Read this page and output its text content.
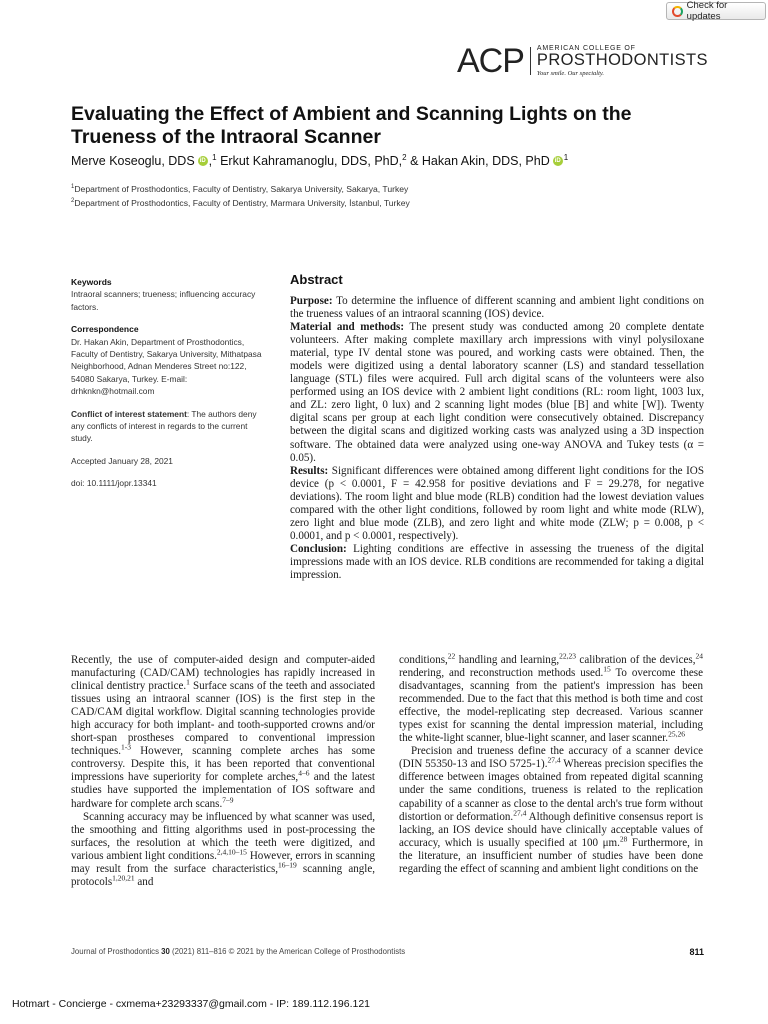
Check for updates
ACP AMERICAN COLLEGE OF
PROSTHODONTISTS
Your smile. Our specialty.
Evaluating the Effect of Ambient and Scanning Lights on the Trueness of the Intraoral Scanner
Merve Koseoglu, DDS iD ,$^1$ Erkut Kahramanoglu, DDS, PhD,$^2$ & Hakan Akin, DDS, PhD iD $^1$
$^1$Department of Prosthodontics, Faculty of Dentistry, Sakarya University, Sakarya, Turkey
$^2$Department of Prosthodontics, Faculty of Dentistry, Marmara University, İstanbul, Turkey
Keywords

Intraoral scanners; trueness; influencing accuracy factors.

Correspondence

Dr. Hakan Akin, Department of Prosthodontics, Faculty of Dentistry, Sakarya University, Mithatpasa Neighborhood, Adnan Menderes Street no:122, 54080 Sakarya, Turkey. E-mail: drhknkn@hotmail.com

Conflict of interest statement: The authors deny any conflicts of interest in regards to the current study.

Accepted January 28, 2021

doi: 10.1111/jopr.13341

Abstract

Purpose: To determine the influence of different scanning and ambient light conditions on the trueness values of an intraoral scanning (IOS) device.

Material and methods: The present study was conducted among 20 complete dentate volunteers. After making complete maxillary arch impressions with vinyl polysiloxane material, type IV dental stone was poured, and working casts were obtained. Then, the models were digitized using a dental laboratory scanner (LS) and standard tessellation language (STL) files were acquired. Full arch digital scans of the volunteers were also performed using an IOS device with 2 ambient light conditions (RL: room light, 1003 lux, and ZL: zero light, 0 lux) and 2 scanning light modes (blue [B] and white [W]). Twenty digital scans per group at each light condition were consecutively obtained. Discrepancy between the digital scans and digitized working casts was analyzed using a 3D inspection software. The obtained data were analyzed using one-way ANOVA and Tukey tests (α = 0.05).

Results: Significant differences were obtained among different light conditions for the IOS device (p < 0.0001, F = 42.958 for positive deviations and F = 29.278, for negative deviations). The room light and blue mode (RLB) condition had the lowest deviation values compared with the other light conditions, followed by room light and white mode (RLW), zero light and blue mode (ZLB), and zero light and white mode (ZLW; p = 0.008, p < 0.0001, and p < 0.0001, respectively).

Conclusion: Lighting conditions are effective in assessing the trueness of the digital impressions made with an IOS device. RLB conditions are recommended for taking a digital impression.

Recently, the use of computer-aided design and computer-aided manufacturing (CAD/CAM) technologies has rapidly increased in clinical dentistry practice.$^1$ Surface scans of the teeth and associated tissues using an intraoral scanner (IOS) is the first step in the CAD/CAM digital workflow. Digital scanning technologies provide high accuracy for both implant- and tooth-supported crowns and/or short-span prostheses compared to conventional impression techniques.$^{1-3}$ However, scanning complete arches has some controversy. Despite this, it has been reported that conventional impressions have superiority for complete arches,$^{4-6}$ and the latest studies have supported the implementation of IOS software and hardware for complete arch scans.$^{7-9}$

Scanning accuracy may be influenced by what scanner was used, the smoothing and fitting algorithms used in post-processing the surfaces, the resolution at which the teeth were digitized, and various ambient light conditions.$^{2,4,10-15}$ However, errors in scanning may result from the surface characteristics,$^{16-19}$ scanning angle, protocols$^{1,20,21}$ and

conditions,$^{22}$ handling and learning,$^{22,23}$ calibration of the devices,$^{24}$ rendering, and reconstruction methods used.$^{15}$ To overcome these disadvantages, scanning from the patient's impression has been recommended. Due to the fact that this method is both time and cost effective, the model-replicating step decreased. Various scanner types exist for scanning the dental impression material, including the white-light scanner, blue-light scanner, and laser scanner.$^{25,26}$

Precision and trueness define the accuracy of a scanner device (DIN 55350-13 and ISO 5725-1).$^{27,4}$ Whereas precision specifies the difference between images obtained from repeated digital scanning under the same conditions, trueness is related to the replication capability of a scanner as close to the dental arch's true form without distortion or deformation.$^{27,4}$ Although definitive consensus report is lacking, an IOS device should have clinically acceptable values of accuracy, which is usually specified at 100 μm.$^{28}$ Furthermore, in the literature, an insufficient number of studies have been done regarding the effect of scanning and ambient light conditions on the

Journal of Prosthodontics 30 (2021) 811–816 © 2021 by the American College of Prosthodontists	811
Hotmart - Concierge - cxmema+23293337@gmail.com - IP: 189.112.196.121
